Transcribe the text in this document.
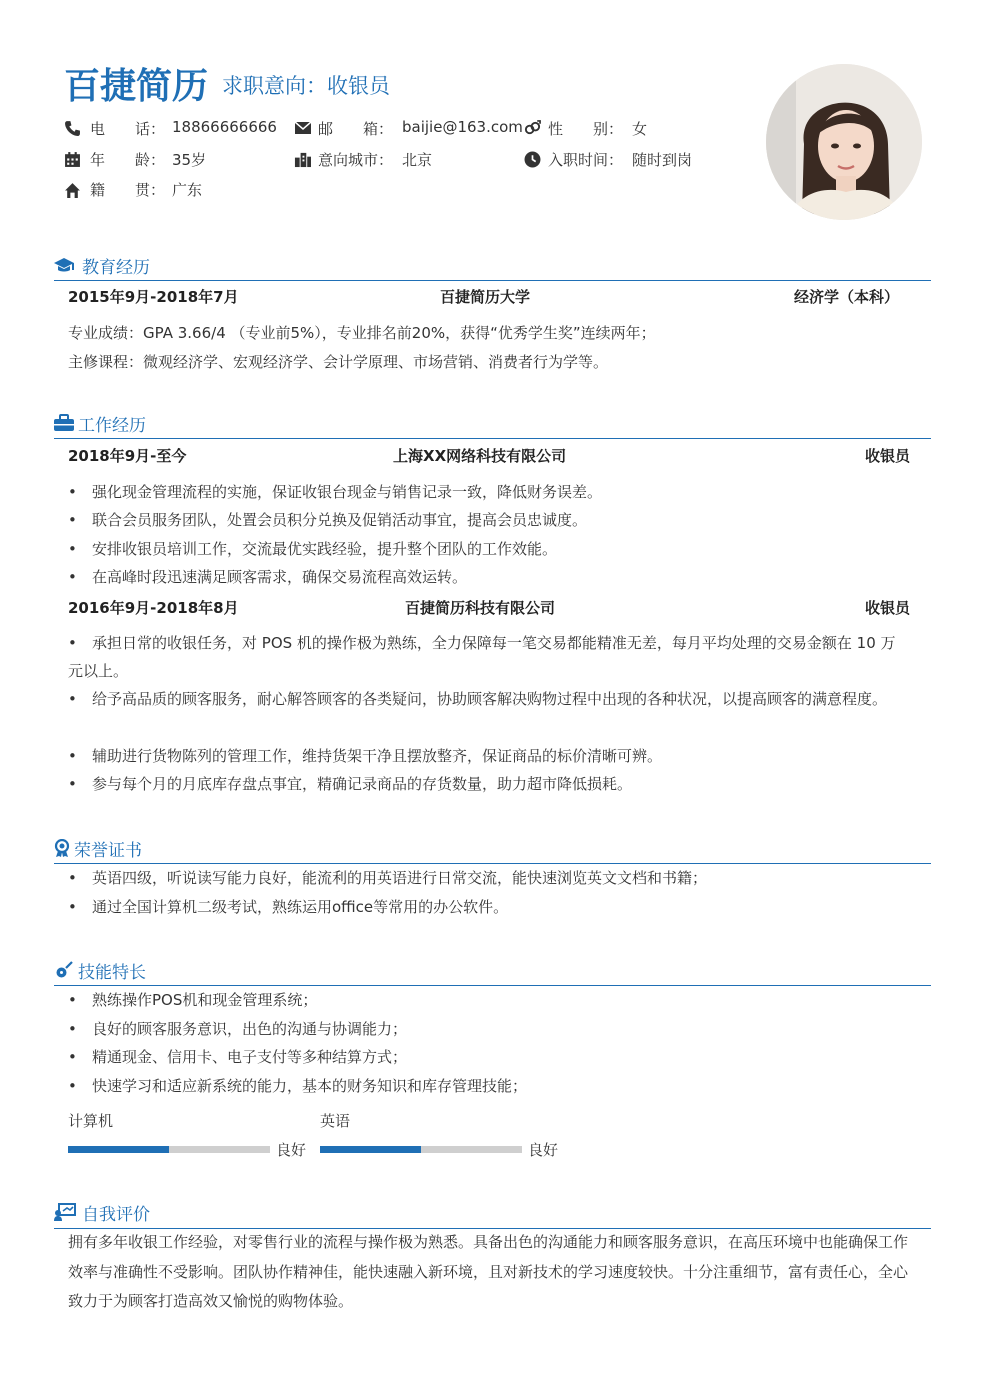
百捷简历 求职意向：收银员
电　　话： 18866666666	邮　　箱： baijie@163.com 性　　别： 女
年　　龄： 35岁	意向城市： 北京	入职时间： 随时到岗
籍　　贯： 广东
教育经历
2015年9月-2018年7月	百捷简历大学	经济学（本科）
专业成绩：GPA 3.66/4 （专业前5%），专业排名前20%，获得“优秀学生奖”连续两年；
主修课程：微观经济学、宏观经济学、会计学原理、市场营销、消费者行为学等。
工作经历
2018年9月-至今	上海XX网络科技有限公司	收银员
•	强化现金管理流程的实施，保证收银台现金与销售记录一致，降低财务误差。
•	联合会员服务团队，处置会员积分兑换及促销活动事宜，提高会员忠诚度。
•	安排收银员培训工作，交流最优实践经验，提升整个团队的工作效能。
•	在高峰时段迅速满足顾客需求，确保交易流程高效运转。
2016年9月-2018年8月	百捷简历科技有限公司	收银员
承担日常的收银任务，对 POS 机的操作极为熟练，全力保障每一笔交易都能精准无差，每月平均处理的交易金额在 10 万元以上。
•
给予高品质的顾客服务，耐心解答顾客的各类疑问，协助顾客解决购物过程中出现的各种状况，以提高顾客的满意程度。
•
•	辅助进行货物陈列的管理工作，维持货架干净且摆放整齐，保证商品的标价清晰可辨。
•	参与每个月的月底库存盘点事宜，精确记录商品的存货数量，助力超市降低损耗。
荣誉证书
•	英语四级，听说读写能力良好，能流利的用英语进行日常交流，能快速浏览英文文档和书籍；
•	通过全国计算机二级考试，熟练运用office等常用的办公软件。
技能特长
•	熟练操作POS机和现金管理系统；
•	良好的顾客服务意识，出色的沟通与协调能力；
•	精通现金、信用卡、电子支付等多种结算方式；
•	快速学习和适应新系统的能力，基本的财务知识和库存管理技能；
计算机
良好
英语
良好
自我评价
拥有多年收银工作经验，对零售行业的流程与操作极为熟悉。具备出色的沟通能力和顾客服务意识，在高压环境中也能确保工作效率与准确性不受影响。团队协作精神佳，能快速融入新环境，且对新技术的学习速度较快。十分注重细节，富有责任心，全心致力于为顾客打造高效又愉悦的购物体验。
